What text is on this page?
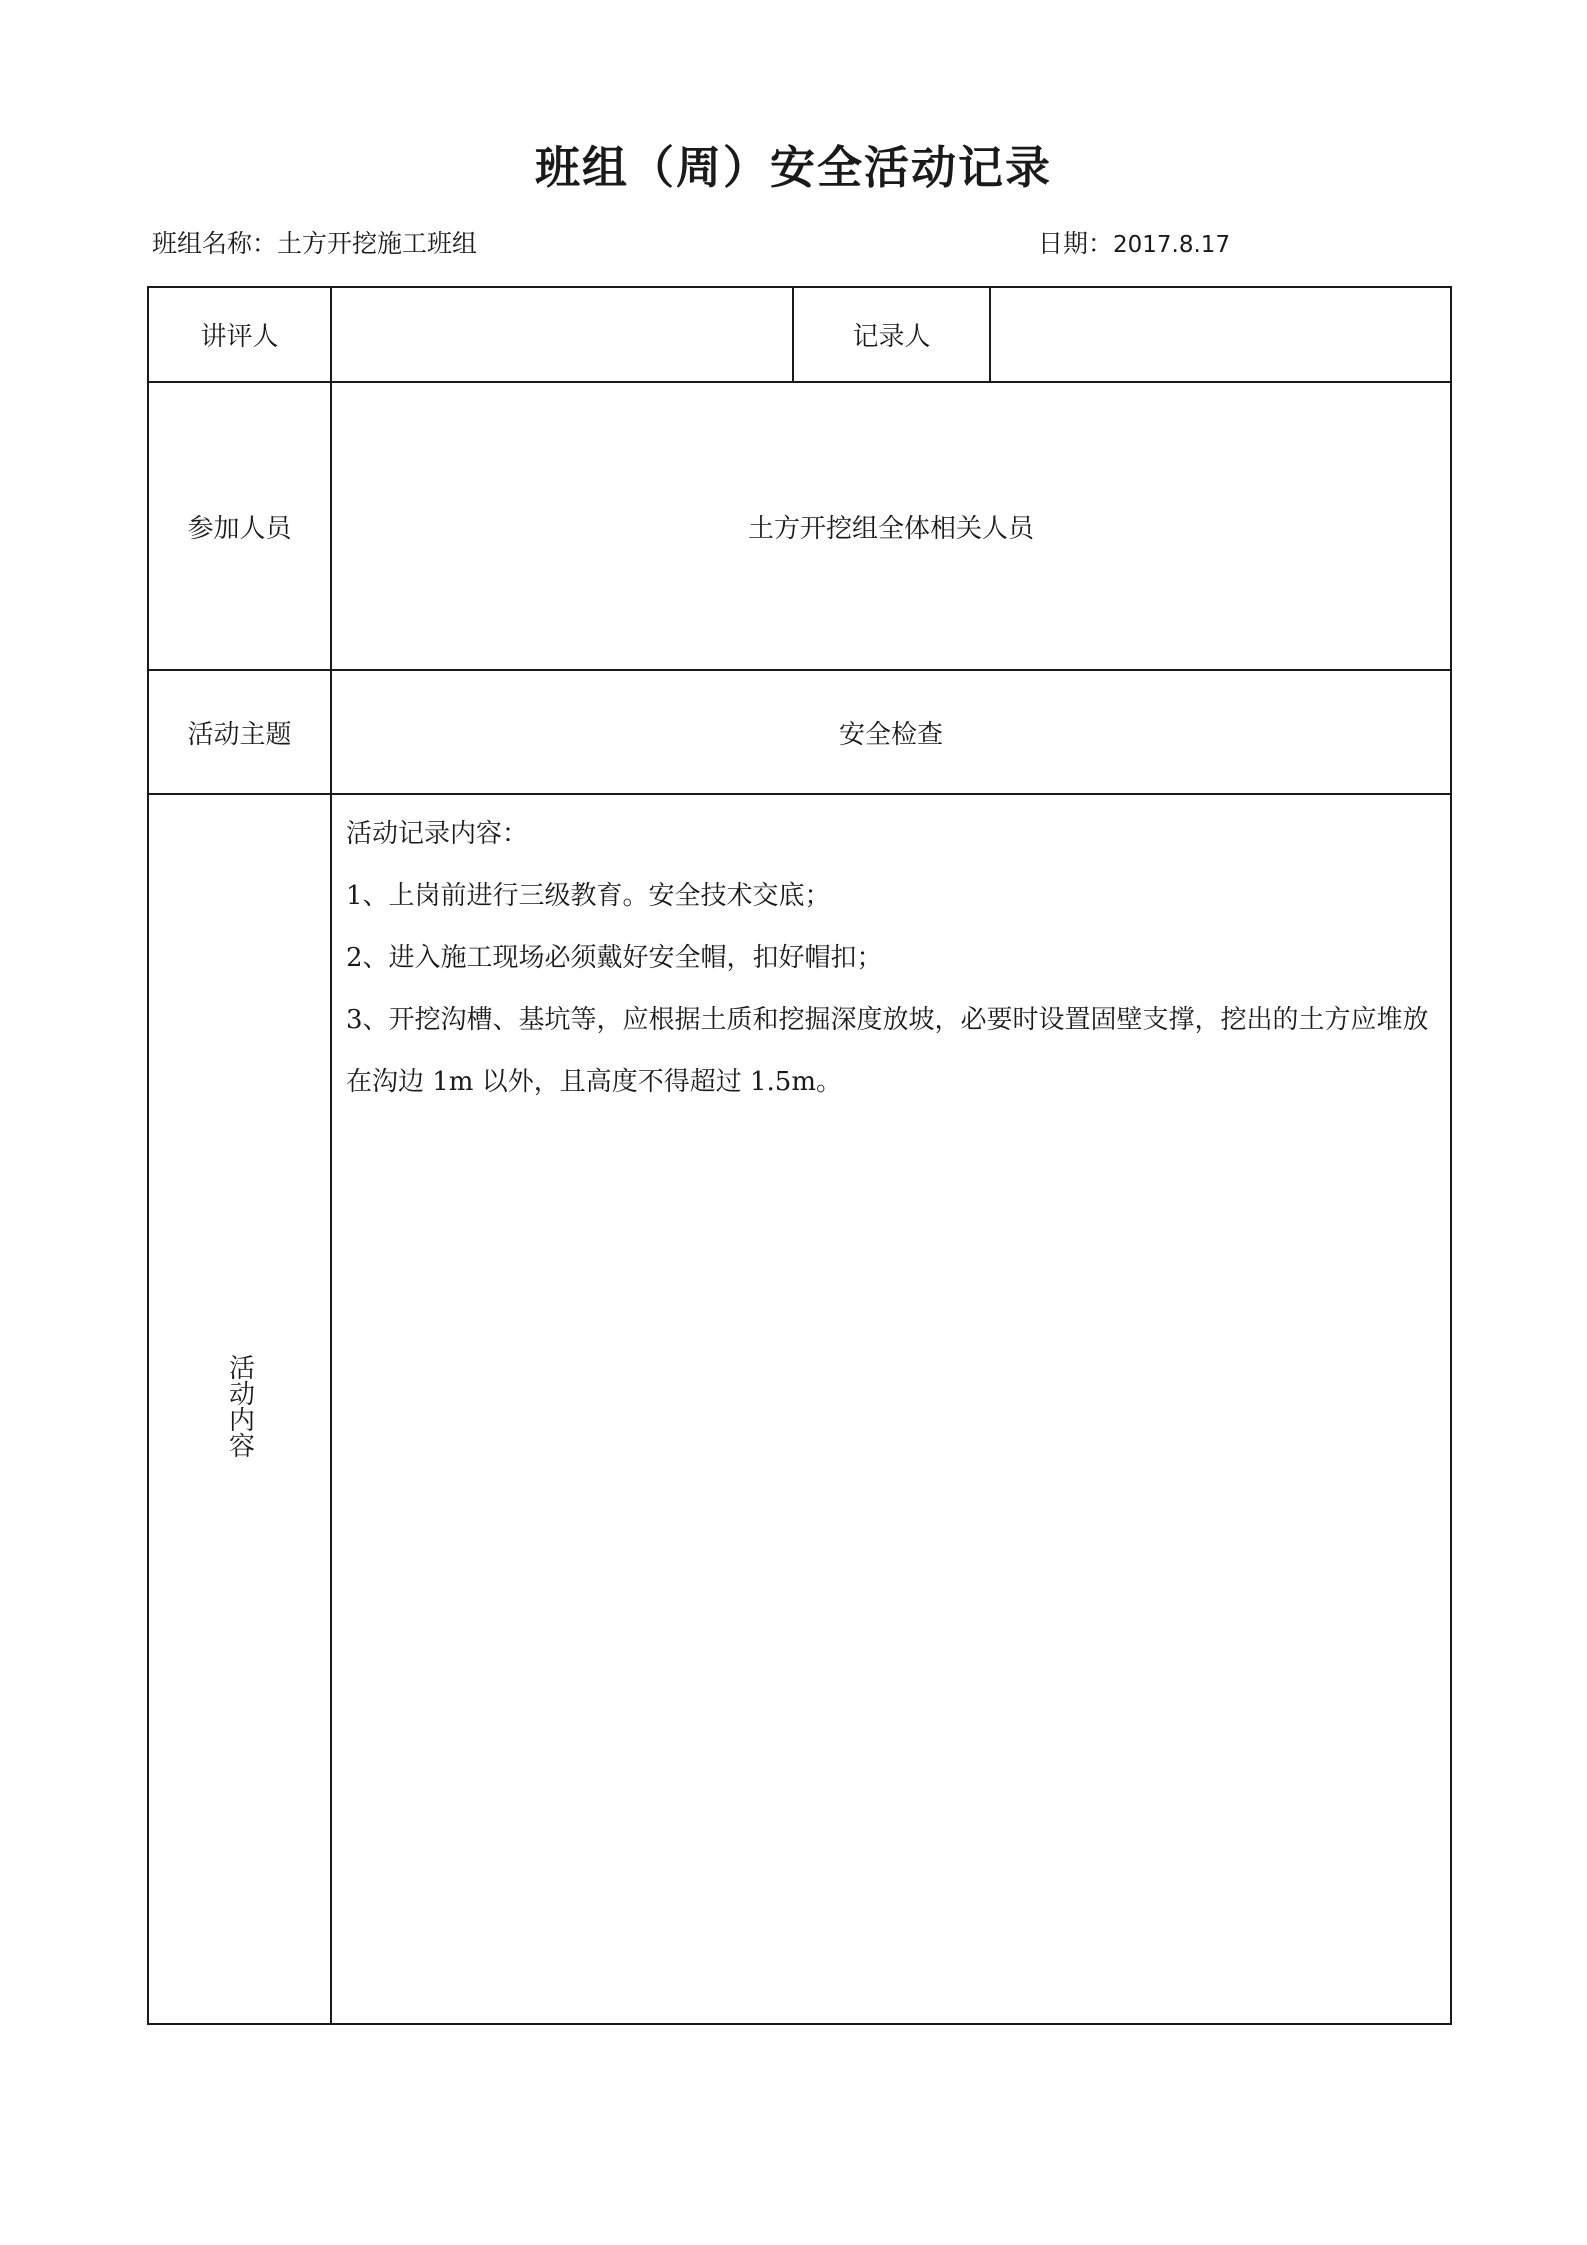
班组（周）安全活动记录
班组名称：土方开挖施工班组	日期：2017.8.17
讲评人		记录人	
参加人员	土方开挖组全体相关人员		
活动主题	安全检查		
活动内容	活动记录内容：
1、上岗前进行三级教育。安全技术交底；
2、进入施工现场必须戴好安全帽，扣好帽扣；
3、开挖沟槽、基坑等，应根据土质和挖掘深度放坡，必要时设置固壁支撑，挖出的土方应堆放在沟边 1m 以外，且高度不得超过 1.5m。		
